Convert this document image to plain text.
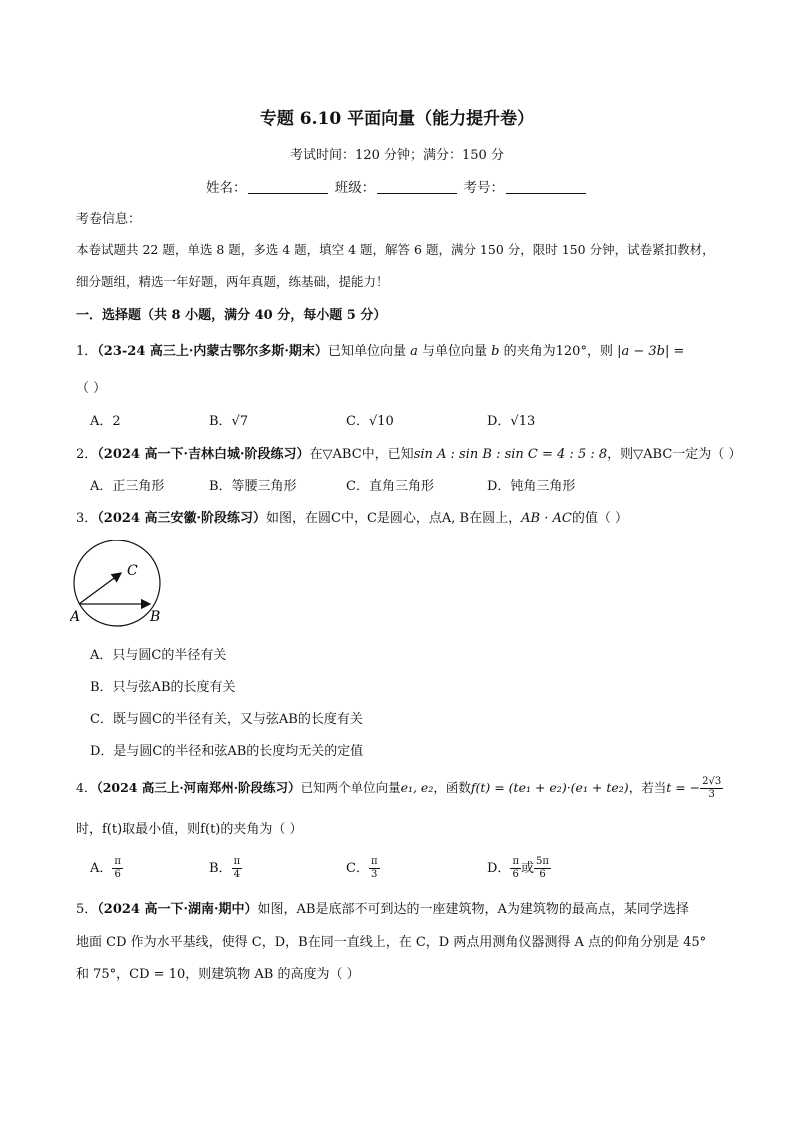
专题 6.10 平面向量（能力提升卷）
考试时间：120 分钟；满分：150 分
姓名：	班级：	考号：
考卷信息：
本卷试题共 22 题，单选 8 题，多选 4 题，填空 4 题，解答 6 题，满分 150 分，限时 150 分钟，试卷紧扣教材，
细分题组，精选一年好题，两年真题，练基础，提能力！
一．选择题（共 8 小题，满分 40 分，每小题 5 分）
1．（23-24 高三上·内蒙古鄂尔多斯·期末）已知单位向量 a 与单位向量 b 的夹角为120°，则 |a − 3b| =
（ ）
A．2	B．√7	C．√10	D．√13
2．（2024 高一下·吉林白城·阶段练习）在▽ABC中，已知sin A : sin B : sin C = 4 : 5 : 8，则▽ABC一定为（ ）
A．正三角形	B．等腰三角形	C．直角三角形	D．钝角三角形
3．（2024 高三安徽·阶段练习）如图，在圆C中，C是圆心，点A, B在圆上，AB · AC的值（ ）
A	B
C
A．只与圆C的半径有关
B．只与弦AB的长度有关
C．既与圆C的半径有关，又与弦AB的长度有关
D．是与圆C的半径和弦AB的长度均无关的定值
4．（2024 高三上·河南郑州·阶段练习）已知两个单位向量e₁, e₂，函数f(t) = (te₁ + e₂)·(e₁ + te₂)，若当t = − $\frac{2√3}{3}$
时，f(t)取最小值，则f(t)的夹角为（ ）
A． $\frac{\pi}{6}$	B． $\frac{\pi}{4}$	C． $\frac{\pi}{3}$	D． $\frac{\pi}{6}$ 或 $\frac{5\pi}{6}$
5．（2024 高一下·湖南·期中）如图，AB是底部不可到达的一座建筑物，A为建筑物的最高点，某同学选择
地面 CD 作为水平基线，使得 C，D，B在同一直线上，在 C，D 两点用测角仪器测得 A 点的仰角分别是 45°
和 75°，CD = 10，则建筑物 AB 的高度为（ ）
